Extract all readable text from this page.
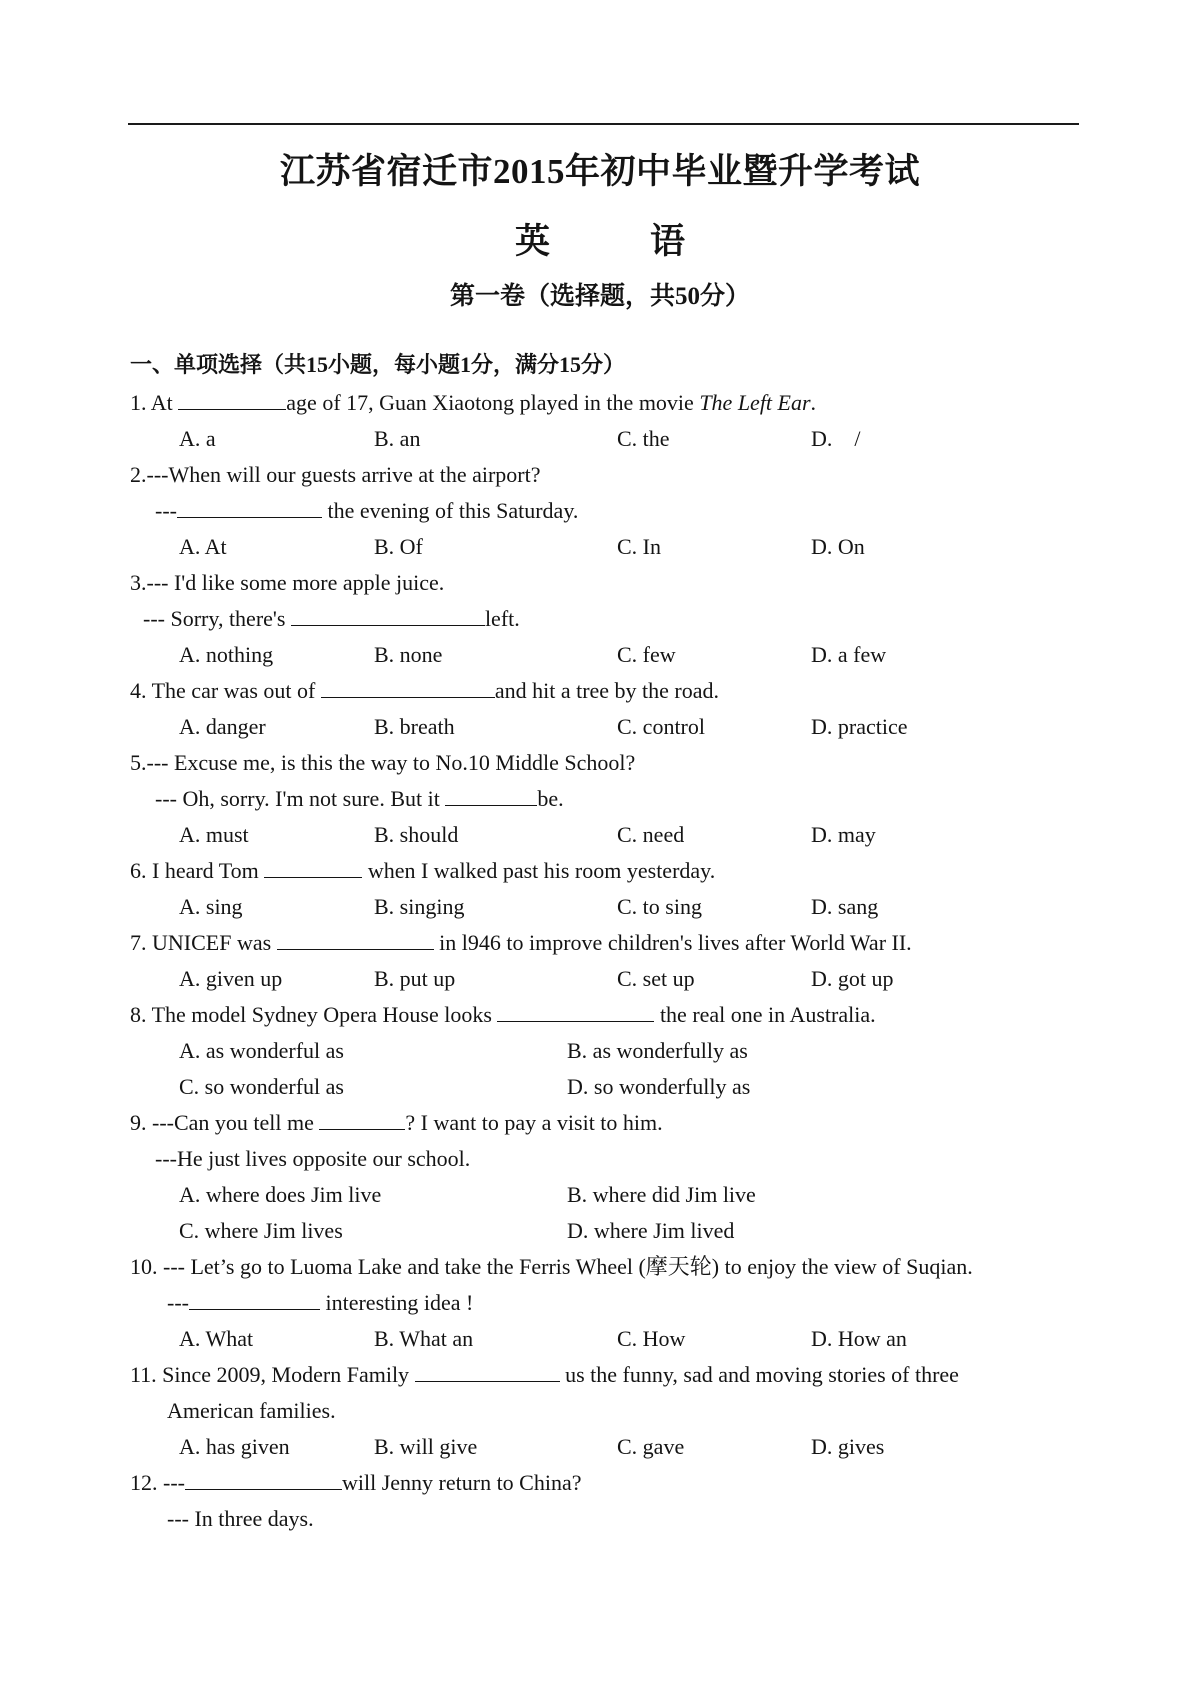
江苏省宿迁市2015年初中毕业暨升学考试
英	语
第一卷（选择题，共50分）
一、单项选择（共15小题，每小题1分，满分15分）
1. At	age of 17, Guan Xiaotong played in the movie The Left Ear.
A. a	B. an	C. the	D.　/
2.---When will our guests arrive at the airport?
---	the evening of this Saturday.
A. At	B. Of	C. In	D. On
3.--- I'd like some more apple juice.
--- Sorry, there's	left.
A. nothing	B. none	C. few	D. a few
4. The car was out of	and hit a tree by the road.
A. danger	B. breath	C. control	D. practice
5.--- Excuse me, is this the way to No.10 Middle School?
--- Oh, sorry. I'm not sure. But it	be.
A. must	B. should	C. need	D. may
6. I heard Tom	when I walked past his room yesterday.
A. sing	B. singing	C. to sing	D. sang
7. UNICEF was	in l946 to improve children's lives after World War II.
A. given up	B. put up	C. set up	D. got up
8. The model Sydney Opera House looks	the real one in Australia.
A. as wonderful as	B. as wonderfully as
C. so wonderful as	D. so wonderfully as
9. ---Can you tell me	? I want to pay a visit to him.
---He just lives opposite our school.
A. where does Jim live	B. where did Jim live
C. where Jim lives	D. where Jim lived
10. --- Let’s go to Luoma Lake and take the Ferris Wheel (摩天轮) to enjoy the view of Suqian.
---	interesting idea !
A. What	B. What an	C. How	D. How an
11. Since 2009, Modern Family	us the funny, sad and moving stories of three
American families.
A. has given	B. will give	C. gave	D. gives
12. ---	will Jenny return to China?
--- In three days.
